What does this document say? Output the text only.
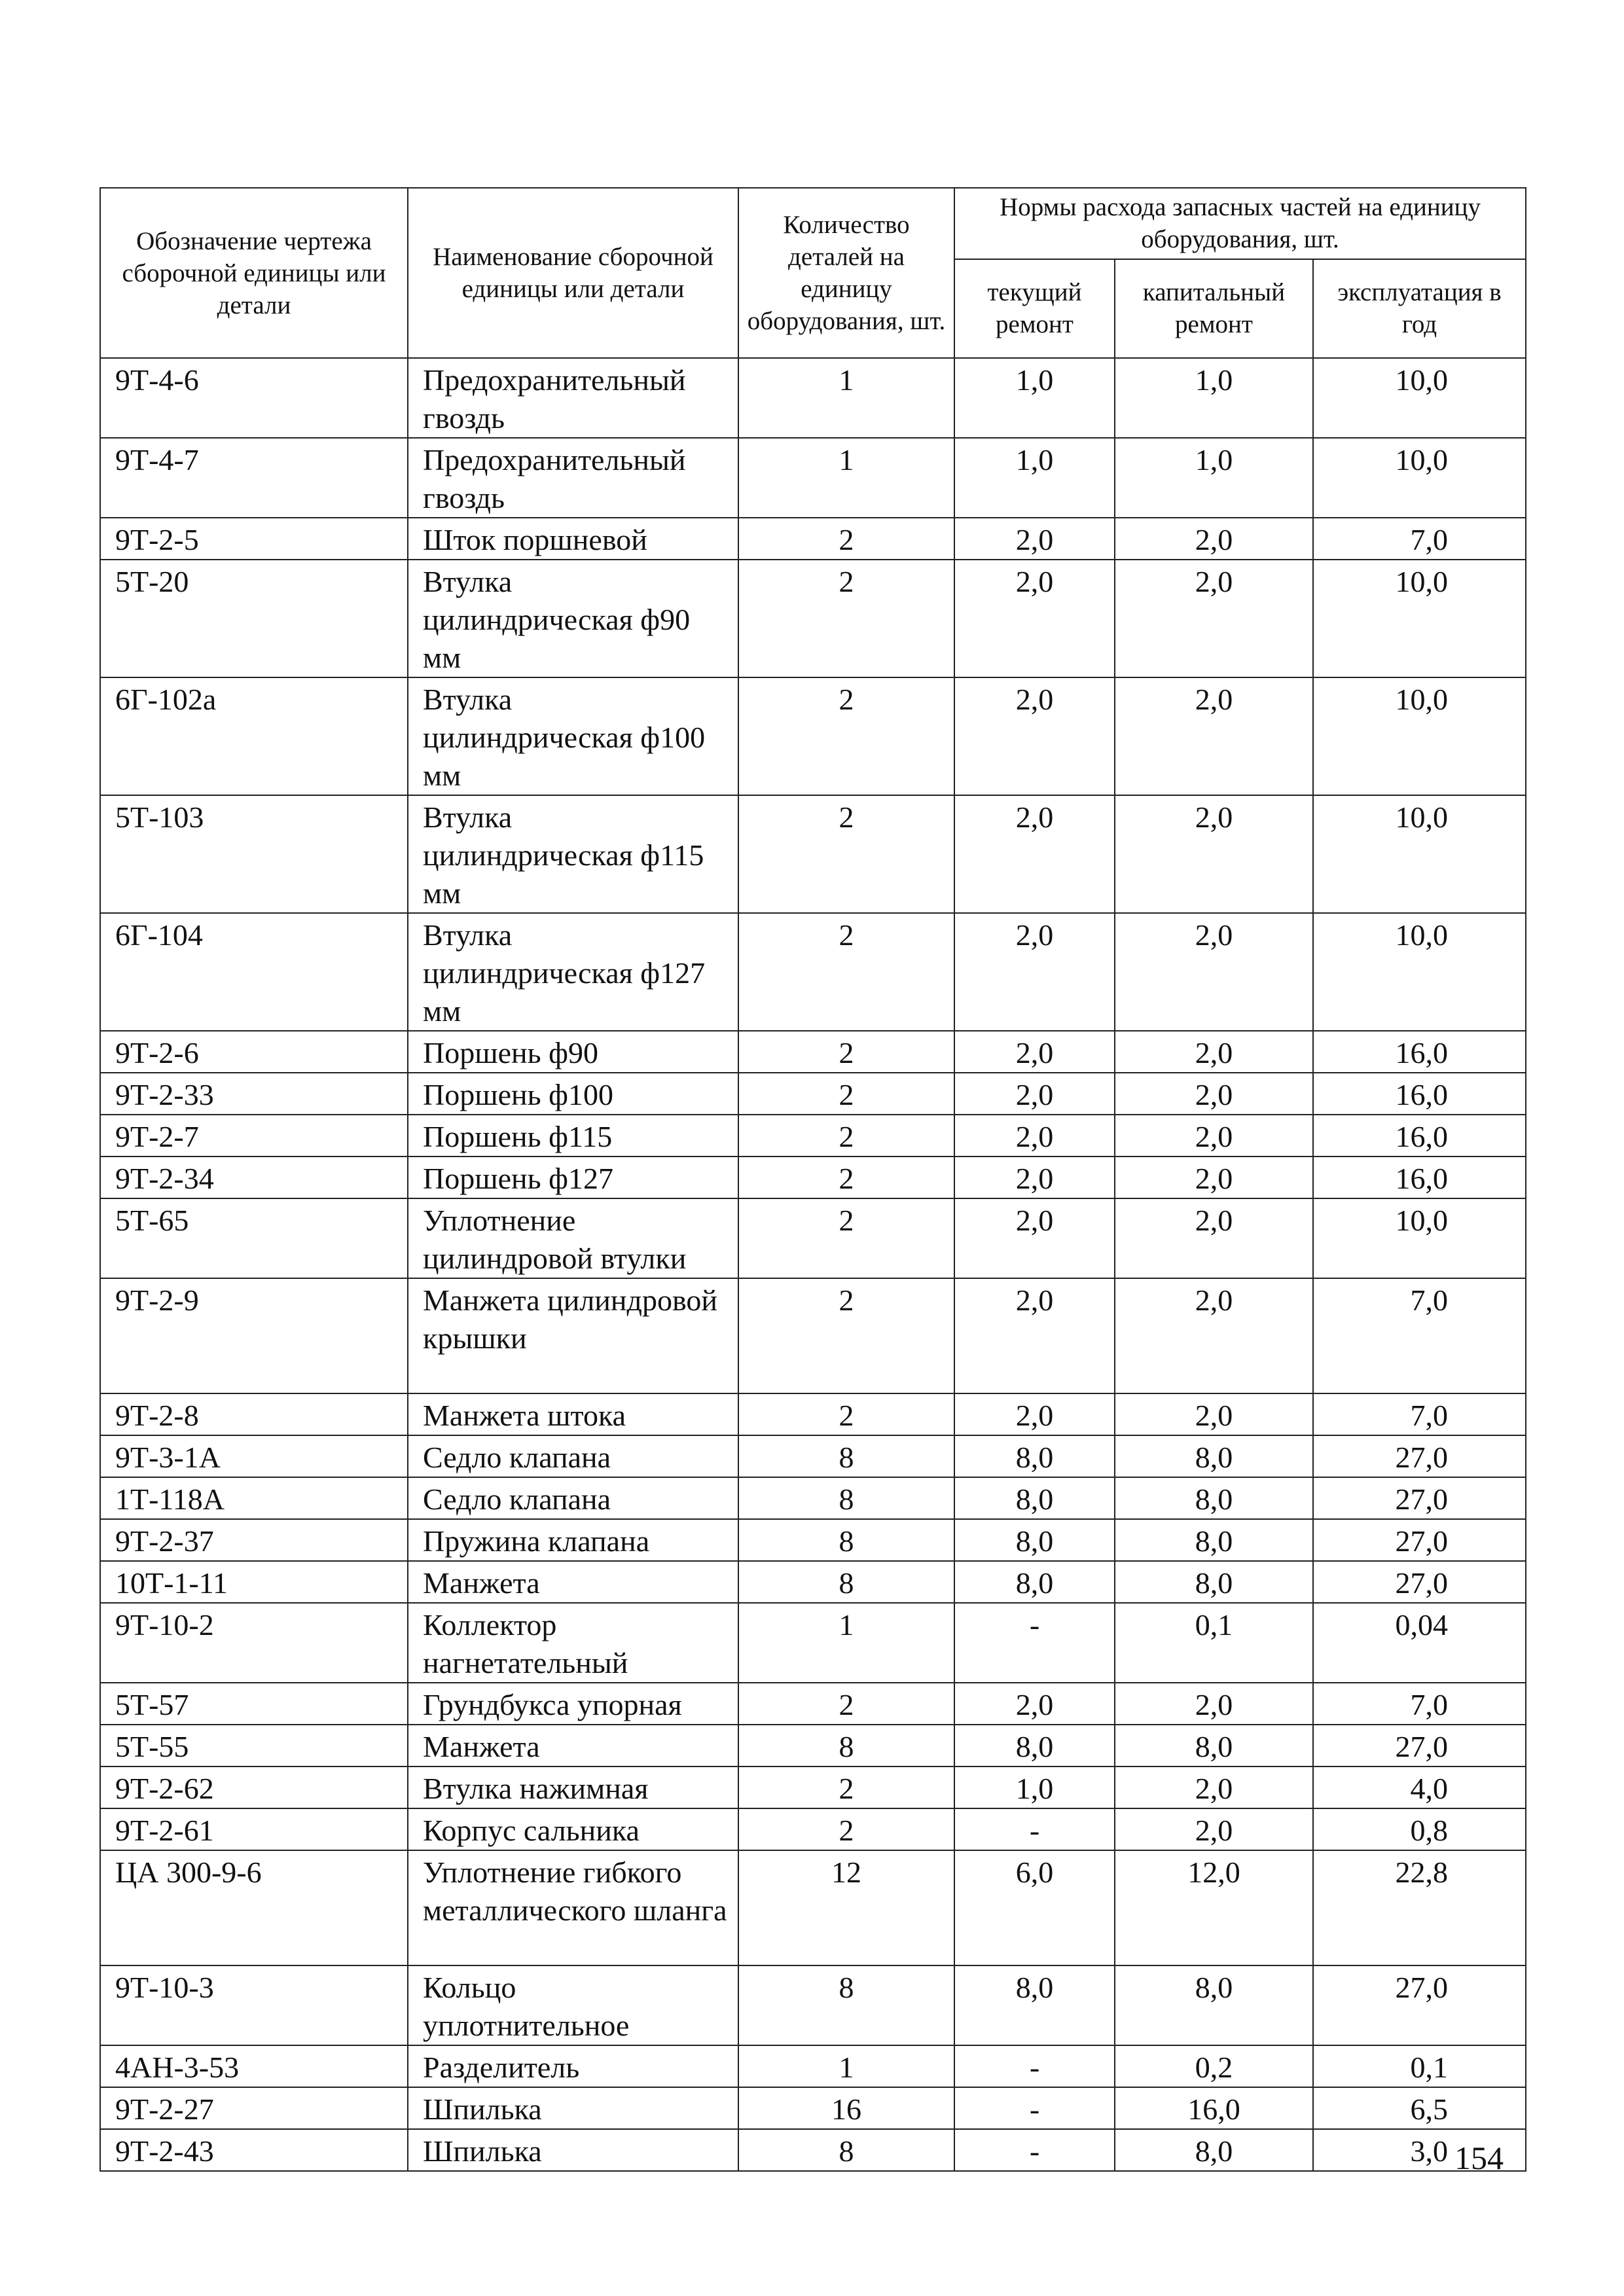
Обозначение чертежа сборочной единицы или детали	Наименование сборочной единицы или детали	Количество деталей на единицу оборудования, шт.	Нормы расхода запасных частей на единицу оборудования, шт.		
			текущий ремонт	капитальный ремонт	эксплуатация в год
9Т-4-6	Предохранительный гвоздь	1	1,0	1,0	10,0
9Т-4-7	Предохранительный гвоздь	1	1,0	1,0	10,0
9Т-2-5	Шток поршневой	2	2,0	2,0	7,0
5Т-20	Втулка цилиндрическая ф90 мм	2	2,0	2,0	10,0
6Г-102а	Втулка цилиндрическая ф100 мм	2	2,0	2,0	10,0
5Т-103	Втулка цилиндрическая ф115 мм	2	2,0	2,0	10,0
6Г-104	Втулка цилиндрическая ф127 мм	2	2,0	2,0	10,0
9Т-2-6	Поршень ф90	2	2,0	2,0	16,0
9Т-2-33	Поршень ф100	2	2,0	2,0	16,0
9Т-2-7	Поршень ф115	2	2,0	2,0	16,0
9Т-2-34	Поршень ф127	2	2,0	2,0	16,0
5Т-65	Уплотнение цилиндровой втулки	2	2,0	2,0	10,0
9Т-2-9	Манжета цилиндровой крышки	2	2,0	2,0	7,0
9Т-2-8	Манжета штока	2	2,0	2,0	7,0
9Т-3-1А	Седло клапана	8	8,0	8,0	27,0
1Т-118А	Седло клапана	8	8,0	8,0	27,0
9Т-2-37	Пружина клапана	8	8,0	8,0	27,0
10Т-1-11	Манжета	8	8,0	8,0	27,0
9Т-10-2	Коллектор нагнетательный	1	-	0,1	0,04
5Т-57	Грундбукса упорная	2	2,0	2,0	7,0
5Т-55	Манжета	8	8,0	8,0	27,0
9Т-2-62	Втулка нажимная	2	1,0	2,0	4,0
9Т-2-61	Корпус сальника	2	-	2,0	0,8
ЦА 300-9-6	Уплотнение гибкого металлического шланга	12	6,0	12,0	22,8
9Т-10-3	Кольцо уплотнительное	8	8,0	8,0	27,0
4АН-3-53	Разделитель	1	-	0,2	0,1
9Т-2-27	Шпилька	16	-	16,0	6,5
9Т-2-43	Шпилька	8	-	8,0	3,0 154
